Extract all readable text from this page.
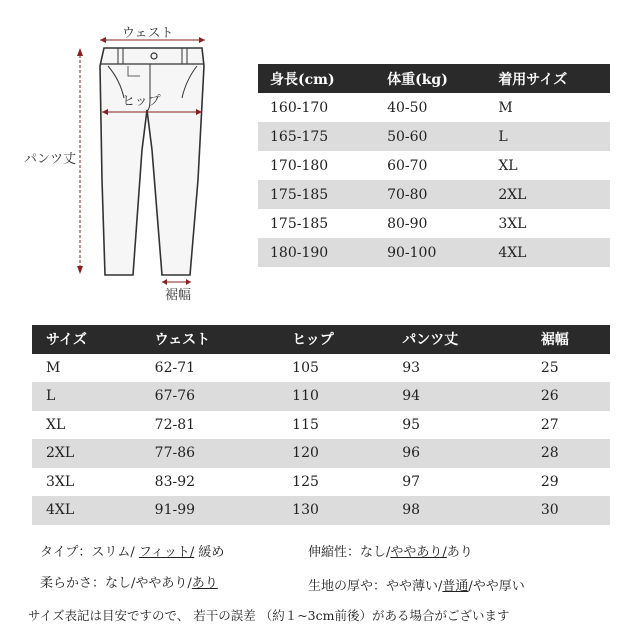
ウェスト
ヒップ
パンツ丈
裾幅
身長(cm)	体重(kg)	着用サイズ
160-170	40-50	M
165-175	50-60	L
170-180	60-70	XL
175-185	70-80	2XL
175-185	80-90	3XL
180-190	90-100	4XL
サイズ	ウェスト	ヒップ	パンツ丈	裾幅
M	62-71	105	93	25
L	67-76	110	94	26
XL	72-81	115	95	27
2XL	77-86	120	96	28
3XL	83-92	125	97	29
4XL	91-99	130	98	30
タイプ：スリム/ フィット/ 緩め	伸縮性：なし/ややあり/あり
柔らかさ：なし/ややあり/あり	生地の厚や：やや薄い/普通/やや厚い
サイズ表記は目安ですので、 若干の誤差 （約１~3cm前後）がある場合がございます
